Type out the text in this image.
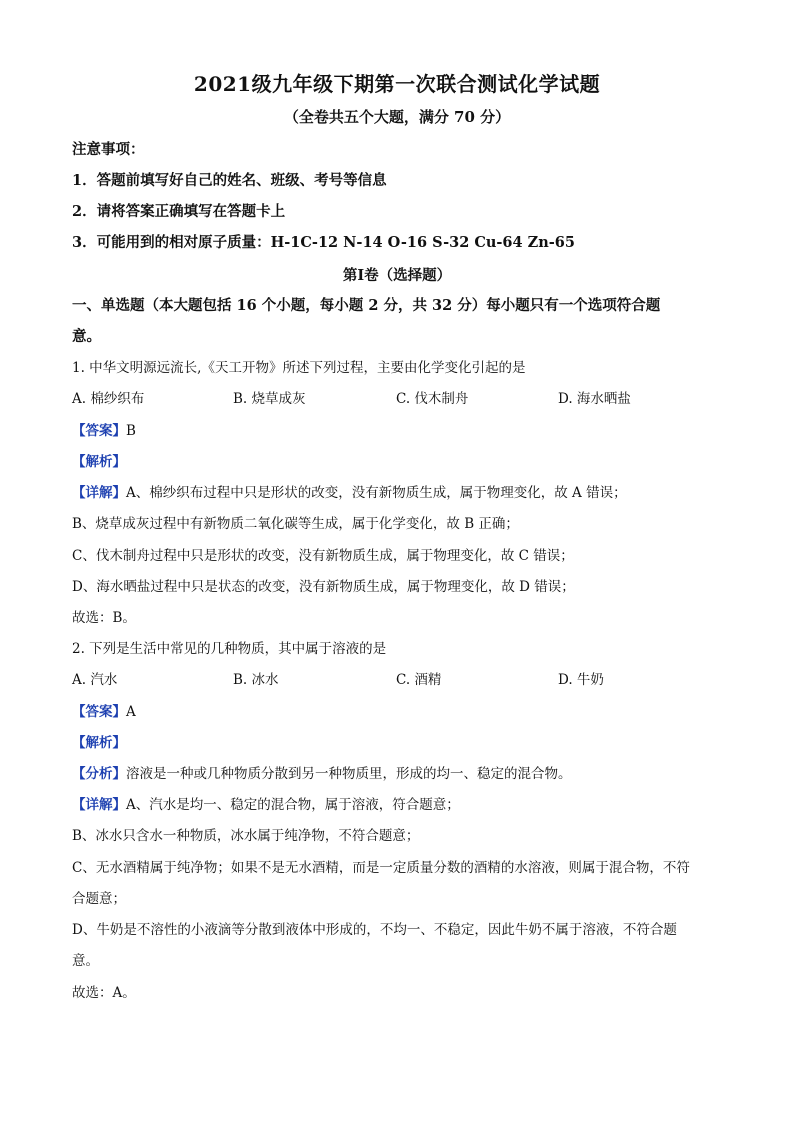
2021级九年级下期第一次联合测试化学试题
（全卷共五个大题，满分 70 分）
注意事项：
1．答题前填写好自己的姓名、班级、考号等信息
2．请将答案正确填写在答题卡上
3．可能用到的相对原子质量：H-1C-12 N-14 O-16 S-32 Cu-64 Zn-65
第Ⅰ卷（选择题）
一、单选题（本大题包括 16 个小题，每小题 2 分，共 32 分）每小题只有一个选项符合题
意。
1. 中华文明源远流长,《天工开物》所述下列过程，主要由化学变化引起的是
A. 棉纱织布	B. 烧草成灰	C. 伐木制舟	D. 海水晒盐
【答案】B
【解析】
【详解】A、棉纱织布过程中只是形状的改变，没有新物质生成，属于物理变化，故 A 错误；
B、烧草成灰过程中有新物质二氧化碳等生成，属于化学变化，故 B 正确；
C、伐木制舟过程中只是形状的改变，没有新物质生成，属于物理变化，故 C 错误；
D、海水晒盐过程中只是状态的改变，没有新物质生成，属于物理变化，故 D 错误；
故选：B。
2. 下列是生活中常见的几种物质，其中属于溶液的是
A. 汽水	B. 冰水	C. 酒精	D. 牛奶
【答案】A
【解析】
【分析】溶液是一种或几种物质分散到另一种物质里，形成的均一、稳定的混合物。
【详解】A、汽水是均一、稳定的混合物，属于溶液，符合题意；
B、冰水只含水一种物质，冰水属于纯净物，不符合题意；
C、无水酒精属于纯净物；如果不是无水酒精，而是一定质量分数的酒精的水溶液，则属于混合物，不符
合题意；
D、牛奶是不溶性的小液滴等分散到液体中形成的，不均一、不稳定，因此牛奶不属于溶液，不符合题
意。
故选：A。
